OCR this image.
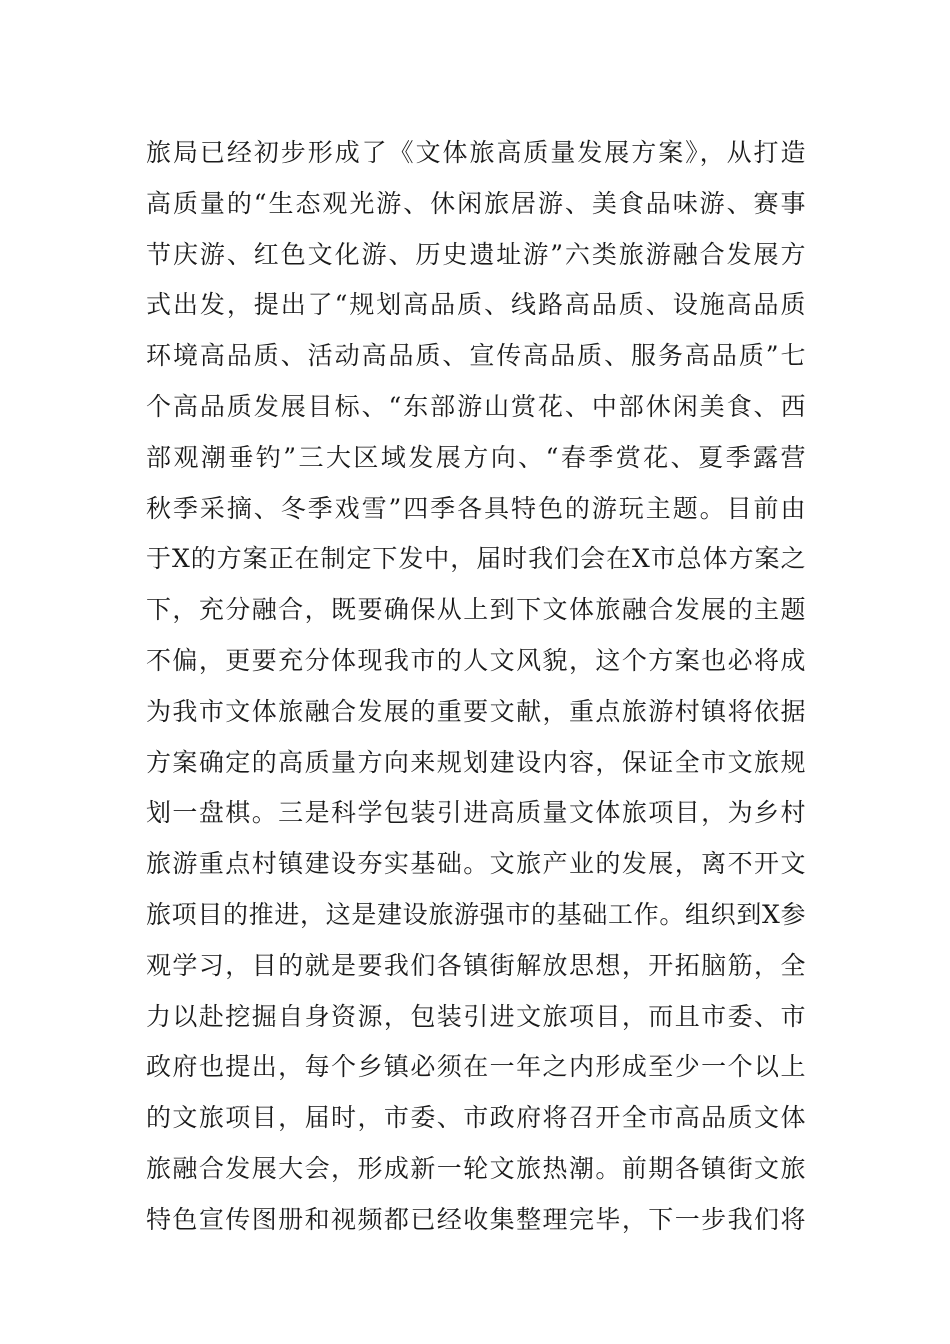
旅局已经初步形成了《文体旅高质量发展方案》，从打造
高质量的“生态观光游、休闲旅居游、美食品味游、赛事
节庆游、红色文化游、历史遗址游”六类旅游融合发展方
式出发，提出了“规划高品质、线路高品质、设施高品质
环境高品质、活动高品质、宣传高品质、服务高品质”七
个高品质发展目标、“东部游山赏花、中部休闲美食、西
部观潮垂钓”三大区域发展方向、“春季赏花、夏季露营
秋季采摘、冬季戏雪”四季各具特色的游玩主题。目前由
于X的方案正在制定下发中，届时我们会在X市总体方案之
下，充分融合，既要确保从上到下文体旅融合发展的主题
不偏，更要充分体现我市的人文风貌，这个方案也必将成
为我市文体旅融合发展的重要文献，重点旅游村镇将依据
方案确定的高质量方向来规划建设内容，保证全市文旅规
划一盘棋。三是科学包装引进高质量文体旅项目，为乡村
旅游重点村镇建设夯实基础。文旅产业的发展，离不开文
旅项目的推进，这是建设旅游强市的基础工作。组织到X参
观学习，目的就是要我们各镇街解放思想，开拓脑筋，全
力以赴挖掘自身资源，包装引进文旅项目，而且市委、市
政府也提出，每个乡镇必须在一年之内形成至少一个以上
的文旅项目，届时，市委、市政府将召开全市高品质文体
旅融合发展大会，形成新一轮文旅热潮。前期各镇街文旅
特色宣传图册和视频都已经收集整理完毕，下一步我们将
